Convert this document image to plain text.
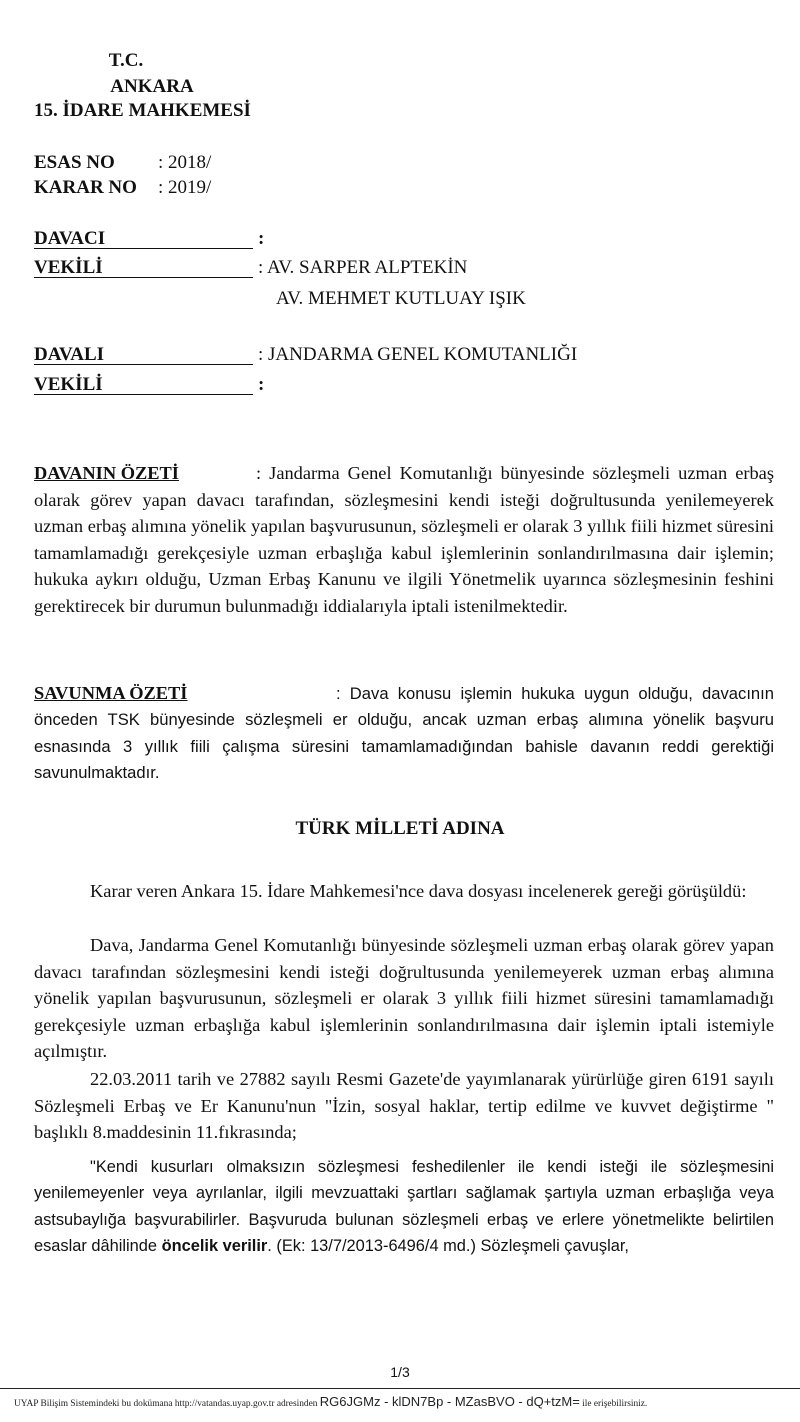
T.C.
ANKARA
15. İDARE MAHKEMESİ
ESAS NO : 2018/
KARAR NO : 2019/
DAVACI	:
VEKİLİ	: AV. SARPER ALPTEKİN
AV. MEHMET KUTLUAY IŞIK
DAVALI	: JANDARMA GENEL KOMUTANLIĞI
VEKİLİ	:
DAVANIN ÖZETİ	: Jandarma Genel Komutanlığı bünyesinde sözleşmeli uzman erbaş olarak görev yapan davacı tarafından, sözleşmesini kendi isteği doğrultusunda yenilemeyerek uzman erbaş alımına yönelik yapılan başvurusunun, sözleşmeli er olarak 3 yıllık fiili hizmet süresini tamamlamadığı gerekçesiyle uzman erbaşlığa kabul işlemlerinin sonlandırılmasına dair işlemin; hukuka aykırı olduğu, Uzman Erbaş Kanunu ve ilgili Yönetmelik uyarınca sözleşmesinin feshini gerektirecek bir durumun bulunmadığı iddialarıyla iptali istenilmektedir.
SAVUNMA ÖZETİ	: Dava konusu işlemin hukuka uygun olduğu, davacının önceden TSK bünyesinde sözleşmeli er olduğu, ancak uzman erbaş alımına yönelik başvuru esnasında 3 yıllık fiili çalışma süresini tamamlamadığından bahisle davanın reddi gerektiği savunulmaktadır.
TÜRK MİLLETİ ADINA
Karar veren Ankara 15. İdare Mahkemesi'nce dava dosyası incelenerek gereği görüşüldü:
Dava, Jandarma Genel Komutanlığı bünyesinde sözleşmeli uzman erbaş olarak görev yapan davacı tarafından sözleşmesini kendi isteği doğrultusunda yenilemeyerek uzman erbaş alımına yönelik yapılan başvurusunun, sözleşmeli er olarak 3 yıllık fiili hizmet süresini tamamlamadığı gerekçesiyle uzman erbaşlığa kabul işlemlerinin sonlandırılmasına dair işlemin iptali istemiyle açılmıştır.
22.03.2011 tarih ve 27882 sayılı Resmi Gazete'de yayımlanarak yürürlüğe giren 6191 sayılı Sözleşmeli Erbaş ve Er Kanunu'nun "İzin, sosyal haklar, tertip edilme ve kuvvet değiştirme " başlıklı 8.maddesinin 11.fıkrasında;
"Kendi kusurları olmaksızın sözleşmesi feshedilenler ile kendi isteği ile sözleşmesini yenilemeyenler veya ayrılanlar, ilgili mevzuattaki şartları sağlamak şartıyla uzman erbaşlığa veya astsubaylığa başvurabilirler. Başvuruda bulunan sözleşmeli erbaş ve erlere yönetmelikte belirtilen esaslar dâhilinde öncelik verilir. (Ek: 13/7/2013-6496/4 md.) Sözleşmeli çavuşlar,
1/3
UYAP Bilişim Sistemindeki bu dokümana http://vatandas.uyap.gov.tr adresinden RG6JGMz - klDN7Bp - MZasBVO - dQ+tzM= ile erişebilirsiniz.
